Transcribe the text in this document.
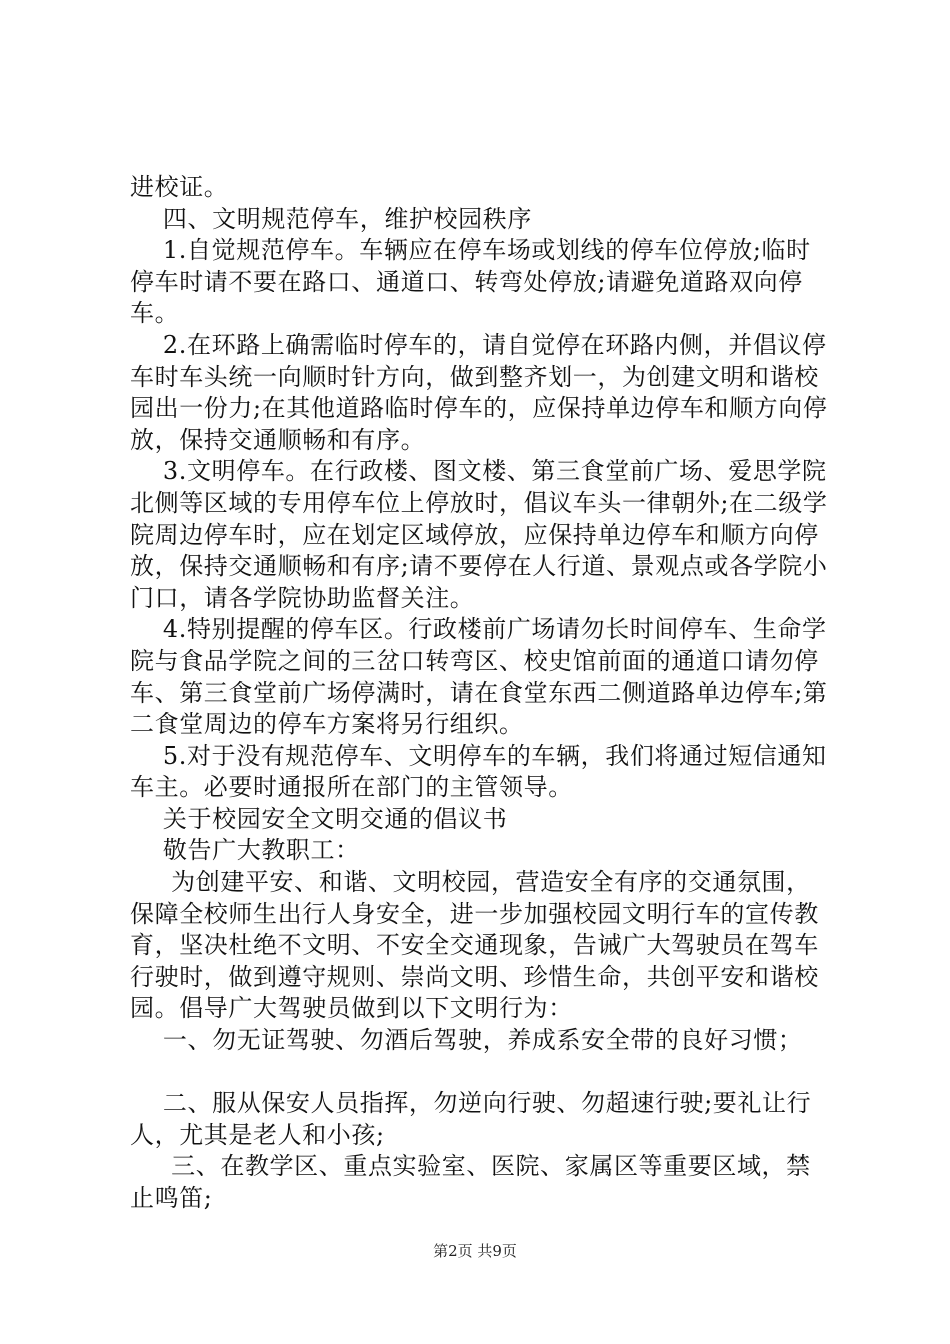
进校证。

四、文明规范停车，维护校园秩序

1.自觉规范停车。车辆应在停车场或划线的停车位停放;临时停车时请不要在路口、通道口、转弯处停放;请避免道路双向停车。

2.在环路上确需临时停车的，请自觉停在环路内侧，并倡议停车时车头统一向顺时针方向，做到整齐划一，为创建文明和谐校园出一份力;在其他道路临时停车的，应保持单边停车和顺方向停放，保持交通顺畅和有序。

3.文明停车。在行政楼、图文楼、第三食堂前广场、爱思学院北侧等区域的专用停车位上停放时，倡议车头一律朝外;在二级学院周边停车时，应在划定区域停放，应保持单边停车和顺方向停放，保持交通顺畅和有序;请不要停在人行道、景观点或各学院小门口，请各学院协助监督关注。

4.特别提醒的停车区。行政楼前广场请勿长时间停车、生命学院与食品学院之间的三岔口转弯区、校史馆前面的通道口请勿停车、第三食堂前广场停满时，请在食堂东西二侧道路单边停车;第二食堂周边的停车方案将另行组织。

5.对于没有规范停车、文明停车的车辆，我们将通过短信通知车主。必要时通报所在部门的主管领导。

关于校园安全文明交通的倡议书

敬告广大教职工：

为创建平安、和谐、文明校园，营造安全有序的交通氛围，保障全校师生出行人身安全，进一步加强校园文明行车的宣传教育，坚决杜绝不文明、不安全交通现象，告诫广大驾驶员在驾车行驶时，做到遵守规则、崇尚文明、珍惜生命，共创平安和谐校园。倡导广大驾驶员做到以下文明行为：

一、勿无证驾驶、勿酒后驾驶，养成系安全带的良好习惯；

二、服从保安人员指挥，勿逆向行驶、勿超速行驶;要礼让行人，尤其是老人和小孩;

三、在教学区、重点实验室、医院、家属区等重要区域，禁止鸣笛;

第2页 共9页
